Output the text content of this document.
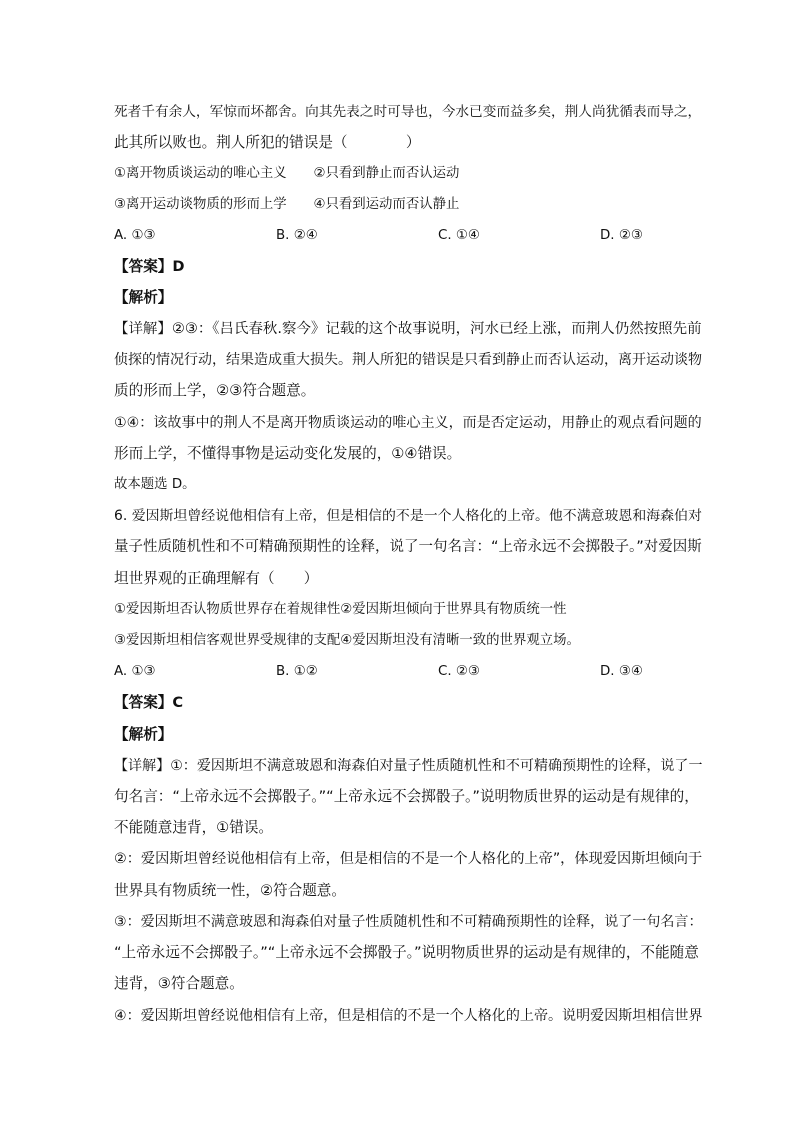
死者千有余人，军惊而坏都舍。向其先表之时可导也，今水已变而益多矣，荆人尚犹循表而导之，
此其所以败也。荆人所犯的错误是（　　　　）
①离开物质谈运动的唯心主义　　②只看到静止而否认运动
③离开运动谈物质的形而上学　　④只看到运动而否认静止
A. ①③	B. ②④	C. ①④	D. ②③
【答案】D
【解析】
【详解】②③：《吕氏春秋.察今》记载的这个故事说明，河水已经上涨，而荆人仍然按照先前
侦探的情况行动，结果造成重大损失。荆人所犯的错误是只看到静止而否认运动，离开运动谈物
质的形而上学，②③符合题意。
①④：该故事中的荆人不是离开物质谈运动的唯心主义，而是否定运动，用静止的观点看问题的
形而上学，不懂得事物是运动变化发展的，①④错误。
故本题选 D。
6. 爱因斯坦曾经说他相信有上帝，但是相信的不是一个人格化的上帝。他不满意玻恩和海森伯对
量子性质随机性和不可精确预期性的诠释，说了一句名言：“上帝永远不会掷骰子。”对爱因斯
坦世界观的正确理解有（　　）
①爱因斯坦否认物质世界存在着规律性②爱因斯坦倾向于世界具有物质统一性
③爱因斯坦相信客观世界受规律的支配④爱因斯坦没有清晰一致的世界观立场。
A. ①③	B. ①②	C. ②③	D. ③④
【答案】C
【解析】
【详解】①：爱因斯坦不满意玻恩和海森伯对量子性质随机性和不可精确预期性的诠释，说了一
句名言：“上帝永远不会掷骰子。”“上帝永远不会掷骰子。”说明物质世界的运动是有规律的，
不能随意违背，①错误。
②：爱因斯坦曾经说他相信有上帝，但是相信的不是一个人格化的上帝”，体现爱因斯坦倾向于
世界具有物质统一性，②符合题意。
③：爱因斯坦不满意玻恩和海森伯对量子性质随机性和不可精确预期性的诠释，说了一句名言：
“上帝永远不会掷骰子。”“上帝永远不会掷骰子。”说明物质世界的运动是有规律的，不能随意
违背，③符合题意。
④：爱因斯坦曾经说他相信有上帝，但是相信的不是一个人格化的上帝。说明爱因斯坦相信世界
